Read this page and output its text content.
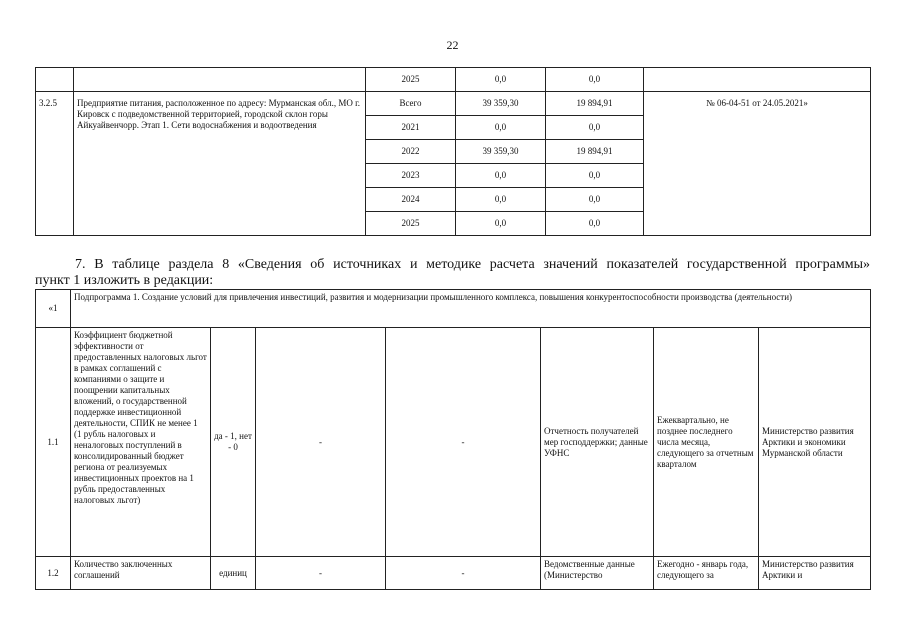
22
		2025	0,0	0,0	
3.2.5	Предприятие питания, расположенное по адресу: Мурманская обл., МО г. Кировск с подведомственной территорией, городской склон горы Айкуайвенчорр. Этап 1. Сети водоснабжения и водоотведения	Всего	39 359,30	19 894,91	№ 06-04-51 от 24.05.2021»
		2021	0,0	0,0	
		2022	39 359,30	19 894,91	
		2023	0,0	0,0	
		2024	0,0	0,0	
		2025	0,0	0,0	
7. В таблице раздела 8 «Сведения об источниках и методике расчета значений показателей государственной программы»
пункт 1 изложить в редакции:
«1	Подпрограмма 1. Создание условий для привлечения инвестиций, развития и модернизации промышленного комплекса, повышения конкурентоспособности производства (деятельности)						
1.1	Коэффициент бюджетной эффективности от предоставленных налоговых льгот в рамках соглашений с компаниями о защите и поощрении капитальных вложений, о государственной поддержке инвестиционной деятельности, СПИК не менее 1 (1 рубль налоговых и неналоговых поступлений в консолидированный бюджет региона от реализуемых инвестиционных проектов на 1 рубль предоставленных налоговых льгот)	да - 1, нет - 0	-	-	Отчетность получателей мер господдержки; данные УФНС	Ежеквартально, не позднее последнего числа месяца, следующего за отчетным кварталом	Министерство развития Арктики и экономики Мурманской области
1.2	Количество заключенных соглашений	единиц	-	-	Ведомственные данные (Министерство	Ежегодно - январь года, следующего за	Министерство развития Арктики и
